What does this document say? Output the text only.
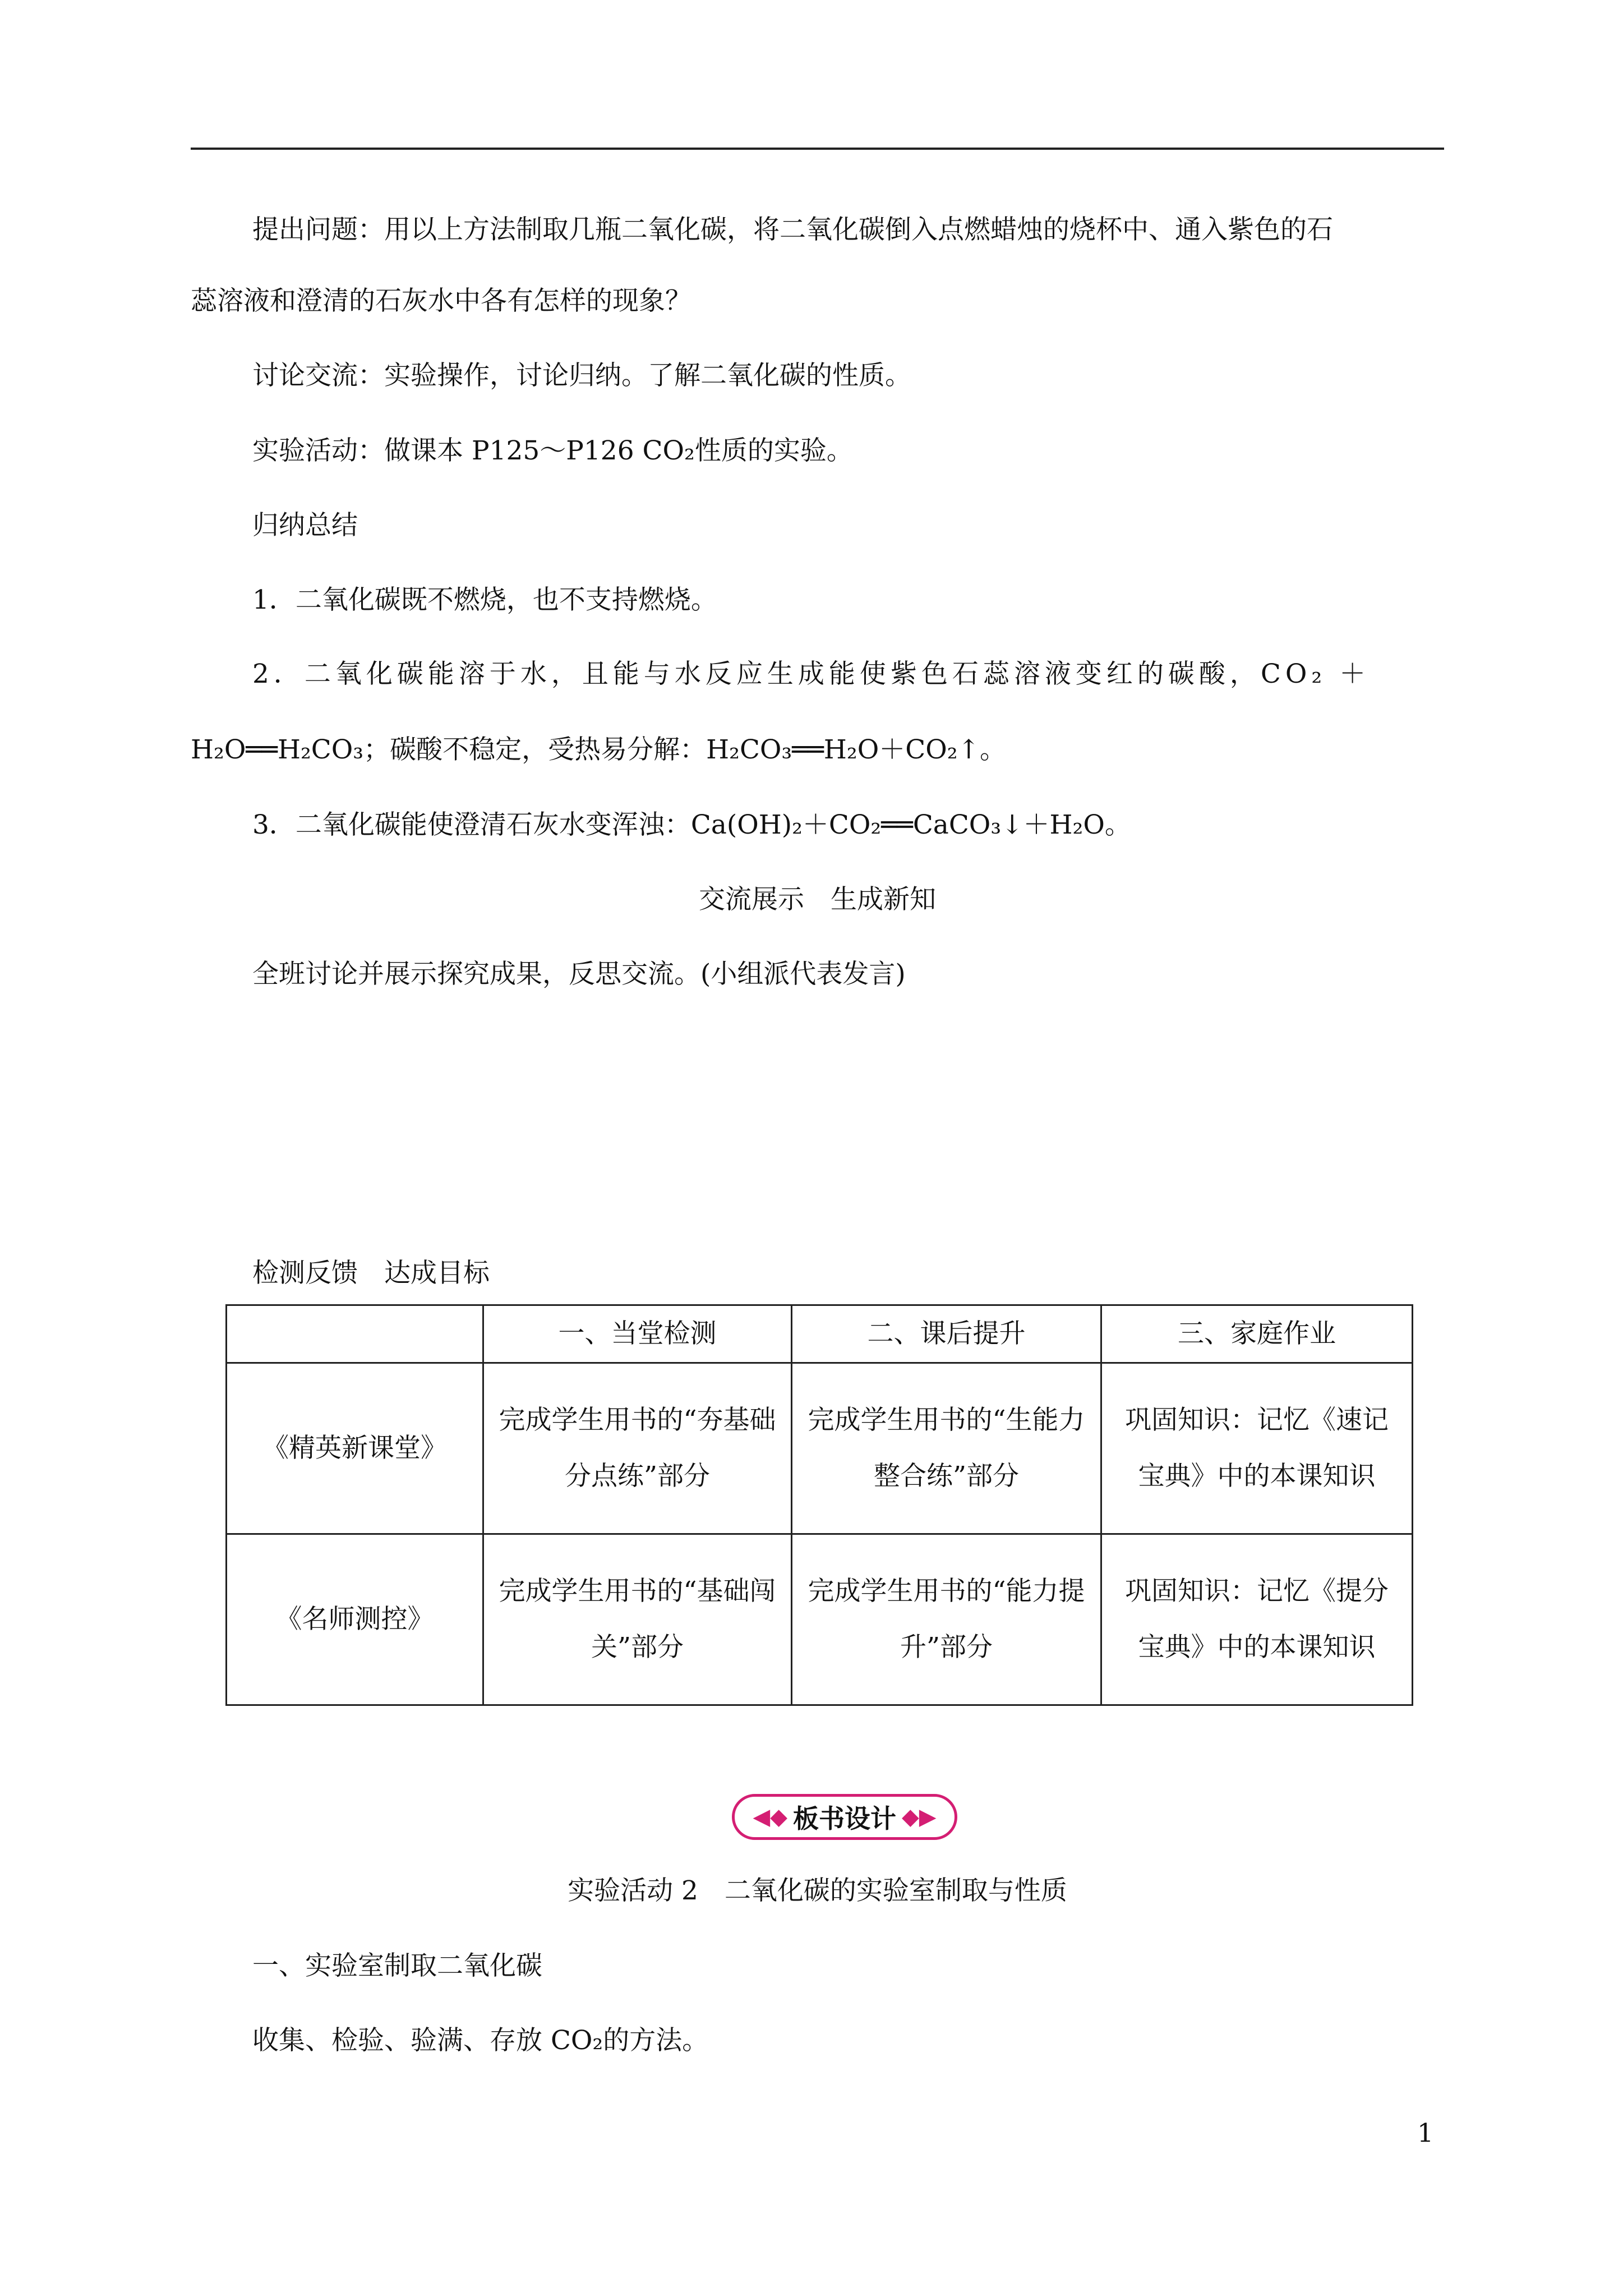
提出问题：用以上方法制取几瓶二氧化碳，将二氧化碳倒入点燃蜡烛的烧杯中、通入紫色的石
蕊溶液和澄清的石灰水中各有怎样的现象？
讨论交流：实验操作，讨论归纳。了解二氧化碳的性质。
实验活动：做课本 P125～P126 CO₂性质的实验。
归纳总结
1．二氧化碳既不燃烧，也不支持燃烧。
2．二氧化碳能溶于水，且能与水反应生成能使紫色石蕊溶液变红的碳酸，CO₂ ＋
H₂O══H₂CO₃；碳酸不稳定，受热易分解：H₂CO₃══H₂O＋CO₂↑。
3．二氧化碳能使澄清石灰水变浑浊：Ca(OH)₂＋CO₂══CaCO₃↓＋H₂O。
交流展示　生成新知
全班讨论并展示探究成果，反思交流。(小组派代表发言)
检测反馈　达成目标
	一、当堂检测	二、课后提升	三、家庭作业
《精英新课堂》	完成学生用书的“夯基础 分点练”部分	完成学生用书的“生能力 整合练”部分	巩固知识：记忆《速记宝典》中的本课知识
《名师测控》	完成学生用书的“基础闯关”部分	完成学生用书的“能力提升”部分	巩固知识：记忆《提分宝典》中的本课知识
◀◆ 板书设计 ◆▶
实验活动 2　二氧化碳的实验室制取与性质
一、实验室制取二氧化碳
收集、检验、验满、存放 CO₂的方法。
1
